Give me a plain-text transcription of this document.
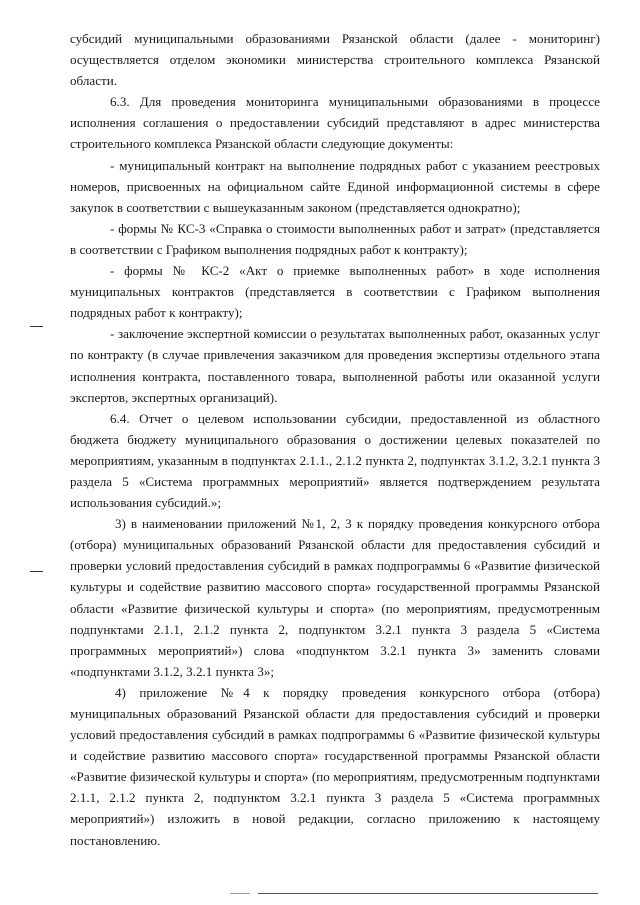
субсидий муниципальными образованиями Рязанской области (далее - мониторинг) осуществляется отделом экономики министерства строительного комплекса Рязанской области.

6.3. Для проведения мониторинга муниципальными образованиями в процессе исполнения соглашения о предоставлении субсидий представляют в адрес министерства строительного комплекса Рязанской области следующие документы:

- муниципальный контракт на выполнение подрядных работ с указанием реестровых номеров, присвоенных на официальном сайте Единой информационной системы в сфере закупок в соответствии с вышеуказанным законом (представляется однократно);

- формы № КС-3 «Справка о стоимости выполненных работ и затрат» (представляется в соответствии с Графиком выполнения подрядных работ к контракту);

- формы № КС-2 «Акт о приемке выполненных работ» в ходе исполнения муниципальных контрактов (представляется в соответствии с Графиком выполнения подрядных работ к контракту);

- заключение экспертной комиссии о результатах выполненных работ, оказанных услуг по контракту (в случае привлечения заказчиком для проведения экспертизы отдельного этапа исполнения контракта, поставленного товара, выполненной работы или оказанной услуги экспертов, экспертных организаций).

6.4. Отчет о целевом использовании субсидии, предоставленной из областного бюджета бюджету муниципального образования о достижении целевых показателей по мероприятиям, указанным в подпунктах 2.1.1., 2.1.2 пункта 2, подпунктах 3.1.2, 3.2.1 пункта 3 раздела 5 «Система программных мероприятий» является подтверждением результата использования субсидий.»;

3) в наименовании приложений №1, 2, 3 к порядку проведения конкурсного отбора (отбора) муниципальных образований Рязанской области для предоставления субсидий и проверки условий предоставления субсидий в рамках подпрограммы 6 «Развитие физической культуры и содействие развитию массового спорта» государственной программы Рязанской области «Развитие физической культуры и спорта» (по мероприятиям, предусмотренным подпунктами 2.1.1, 2.1.2 пункта 2, подпунктом 3.2.1 пункта 3 раздела 5 «Система программных мероприятий») слова «подпунктом 3.2.1 пункта 3» заменить словами «подпунктами 3.1.2, 3.2.1 пункта 3»;

4) приложение №4 к порядку проведения конкурсного отбора (отбора) муниципальных образований Рязанской области для предоставления субсидий и проверки условий предоставления субсидий в рамках подпрограммы 6 «Развитие физической культуры и содействие развитию массового спорта» государственной программы Рязанской области «Развитие физической культуры и спорта» (по мероприятиям, предусмотренным подпунктами 2.1.1, 2.1.2 пункта 2, подпунктом 3.2.1 пункта 3 раздела 5 «Система программных мероприятий») изложить в новой редакции, согласно приложению к настоящему постановлению.
